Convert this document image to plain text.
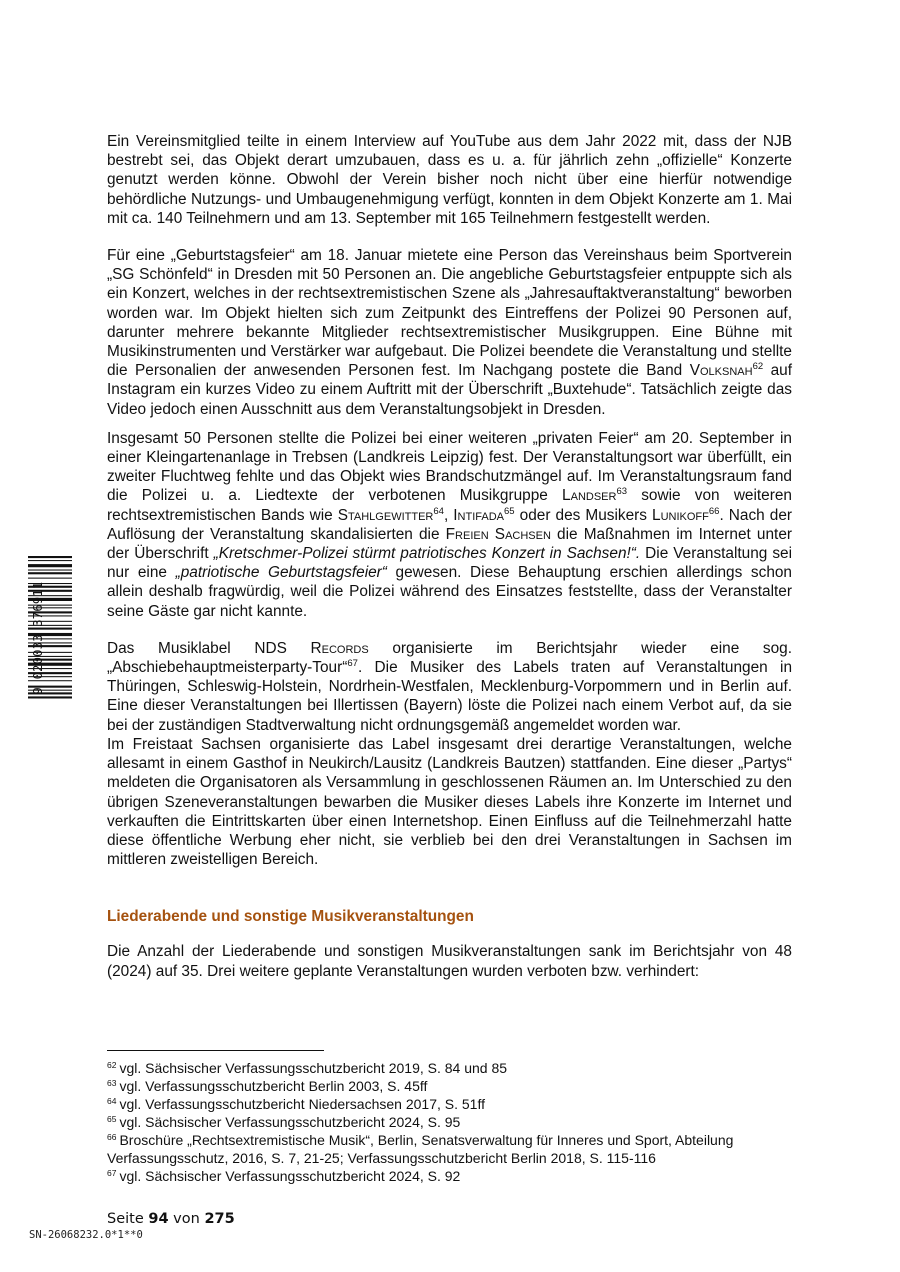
Ein Vereinsmitglied teilte in einem Interview auf YouTube aus dem Jahr 2022 mit, dass der NJB bestrebt sei, das Objekt derart umzubauen, dass es u. a. für jährlich zehn „offizielle“ Konzerte genutzt werden könne. Obwohl der Verein bisher noch nicht über eine hierfür notwendige behördliche Nutzungs- und Umbaugenehmigung verfügt, konnten in dem Objekt Konzerte am 1. Mai mit ca. 140 Teilnehmern und am 13. September mit 165 Teilnehmern festgestellt werden.

Für eine „Geburtstagsfeier“ am 18. Januar mietete eine Person das Vereinshaus beim Sportverein „SG Schönfeld“ in Dresden mit 50 Personen an. Die angebliche Geburtstagsfeier entpuppte sich als ein Konzert, welches in der rechtsextremistischen Szene als „Jahresauftaktveranstaltung“ beworben worden war. Im Objekt hielten sich zum Zeitpunkt des Eintreffens der Polizei 90 Personen auf, darunter mehrere bekannte Mitglieder rechtsextremistischer Musikgruppen. Eine Bühne mit Musikinstrumenten und Verstärker war aufgebaut. Die Polizei beendete die Veranstaltung und stellte die Personalien der anwesenden Personen fest. Im Nachgang postete die Band Volksnah$^{62}$ auf Instagram ein kurzes Video zu einem Auftritt mit der Überschrift „Buxtehude“. Tatsächlich zeigte das Video jedoch einen Ausschnitt aus dem Veranstaltungsobjekt in Dresden.

Insgesamt 50 Personen stellte die Polizei bei einer weiteren „privaten Feier“ am 20. September in einer Kleingartenanlage in Trebsen (Landkreis Leipzig) fest. Der Veranstaltungsort war überfüllt, ein zweiter Fluchtweg fehlte und das Objekt wies Brandschutzmängel auf. Im Veranstaltungsraum fand die Polizei u. a. Liedtexte der verbotenen Musikgruppe Landser$^{63}$ sowie von weiteren rechtsextremistischen Bands wie Stahlgewitter$^{64}$, Intifada$^{65}$ oder des Musikers Lunikoff$^{66}$. Nach der Auflösung der Veranstaltung skandalisierten die Freien Sachsen die Maßnahmen im Internet unter der Überschrift „Kretschmer-Polizei stürmt patriotisches Konzert in Sachsen!“. Die Veranstaltung sei nur eine „patriotische Geburtstagsfeier“ gewesen. Diese Behauptung erschien allerdings schon allein deshalb fragwürdig, weil die Polizei während des Einsatzes feststellte, dass der Veranstalter seine Gäste gar nicht kannte.

Das Musiklabel NDS Records organisierte im Berichtsjahr wieder eine sog. „Abschiebehauptmeisterparty-Tour“$^{67}$. Die Musiker des Labels traten auf Veranstaltungen in Thüringen, Schleswig-Holstein, Nordrhein-Westfalen, Mecklenburg-Vorpommern und in Berlin auf. Eine dieser Veranstaltungen bei Illertissen (Bayern) löste die Polizei nach einem Verbot auf, da sie bei der zuständigen Stadtverwaltung nicht ordnungsgemäß angemeldet worden war.

Im Freistaat Sachsen organisierte das Label insgesamt drei derartige Veranstaltungen, welche allesamt in einem Gasthof in Neukirch/Lausitz (Landkreis Bautzen) stattfanden. Eine dieser „Partys“ meldeten die Organisatoren als Versammlung in geschlossenen Räumen an. Im Unterschied zu den übrigen Szeneveranstaltungen bewarben die Musiker dieses Labels ihre Konzerte im Internet und verkauften die Eintrittskarten über einen Internetshop. Einen Einfluss auf die Teilnehmerzahl hatte diese öffentliche Werbung eher nicht, sie verblieb bei den drei Veranstaltungen in Sachsen im mittleren zweistelligen Bereich.

Liederabende und sonstige Musikveranstaltungen

Die Anzahl der Liederabende und sonstigen Musikveranstaltungen sank im Berichtsjahr von 48 (2024) auf 35. Drei weitere geplante Veranstaltungen wurden verboten bzw. verhindert:

$^{62}$ vgl. Sächsischer Verfassungsschutzbericht 2019, S. 84 und 85

$^{63}$ vgl. Verfassungsschutzbericht Berlin 2003, S. 45ff

$^{64}$ vgl. Verfassungsschutzbericht Niedersachsen 2017, S. 51ff

$^{65}$ vgl. Sächsischer Verfassungsschutzbericht 2024, S. 95

$^{66}$ Broschüre „Rechtsextremistische Musik“, Berlin, Senatsverwaltung für Inneres und Sport, Abteilung Verfassungsschutz, 2016, S. 7, 21-25; Verfassungsschutzbericht Berlin 2018, S. 115-116

$^{67}$ vgl. Sächsischer Verfassungsschutzbericht 2024, S. 92

Seite 94 von 275
SN-26068232.0*1**0
9 020033 376911
